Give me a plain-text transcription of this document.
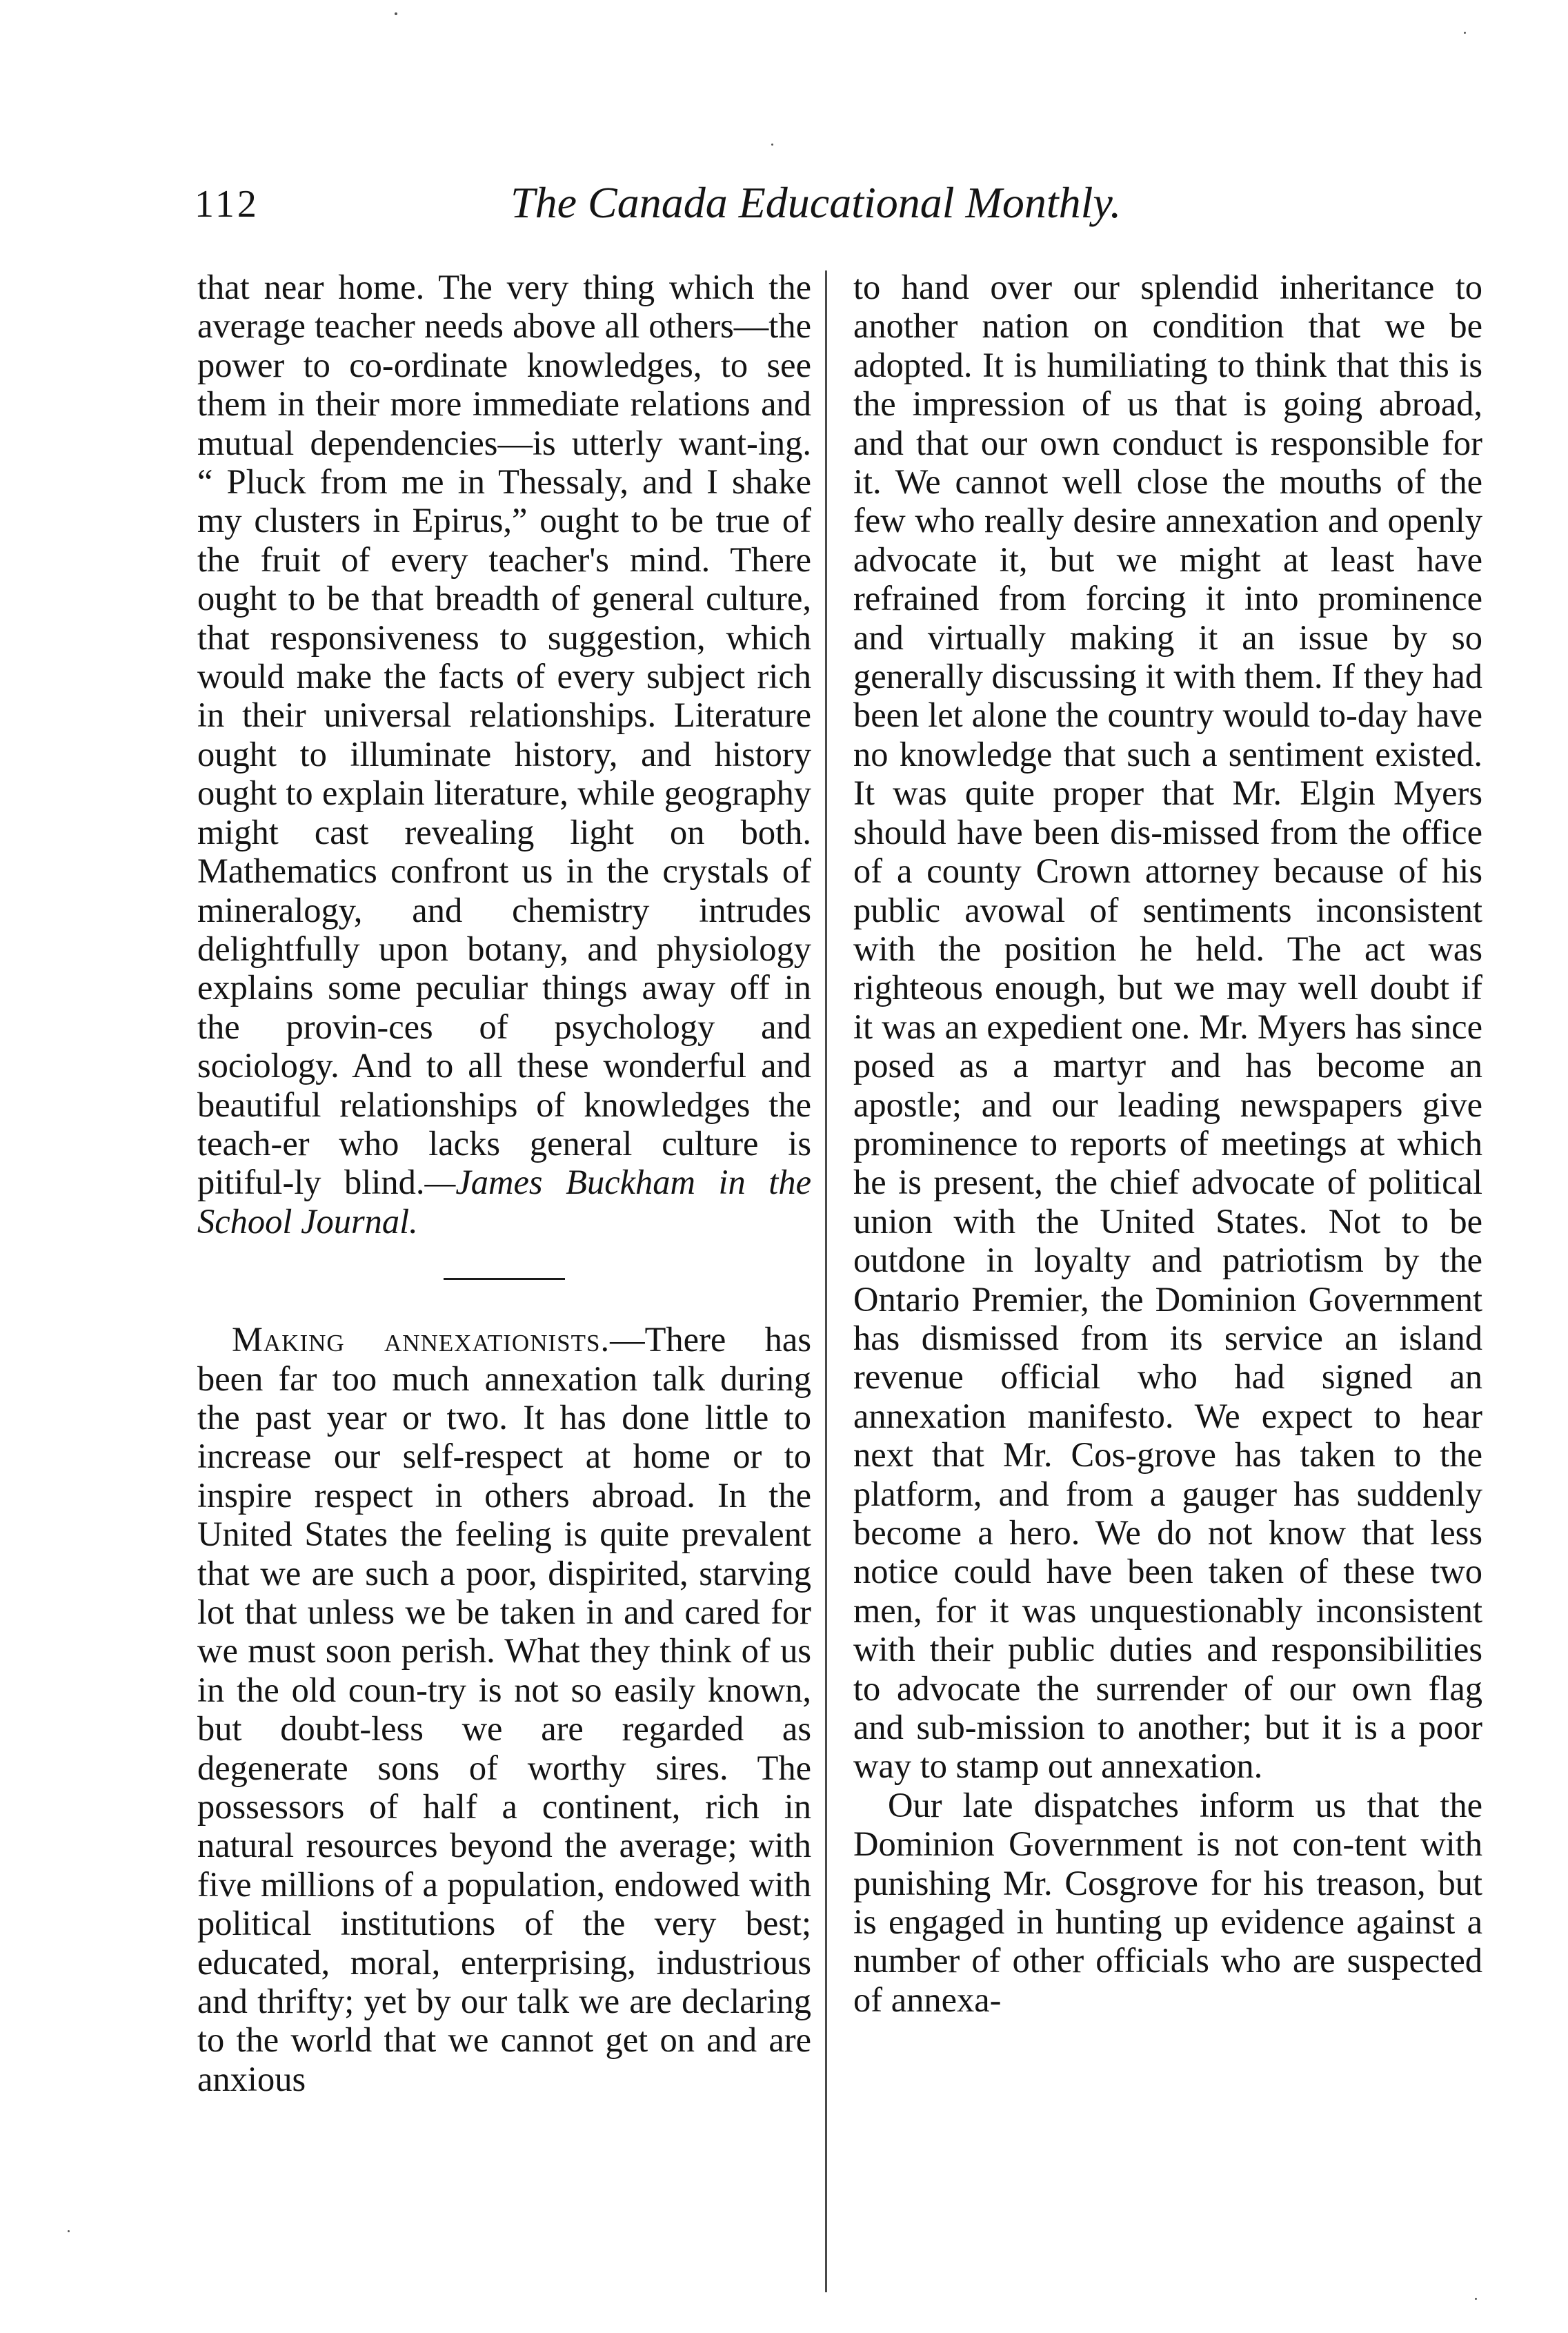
112	The Canada Educational Monthly.

that near home. The very thing which the average teacher needs above all others—the power to co-ordinate knowledges, to see them in their more immediate relations and mutual dependencies—is utterly want-ing. “ Pluck from me in Thessaly, and I shake my clusters in Epirus,” ought to be true of the fruit of every teacher's mind. There ought to be that breadth of general culture, that responsiveness to suggestion, which would make the facts of every subject rich in their universal relationships. Literature ought to illuminate history, and history ought to explain literature, while geography might cast revealing light on both. Mathematics confront us in the crystals of mineralogy, and chemistry intrudes delightfully upon botany, and physiology explains some peculiar things away off in the provin-ces of psychology and sociology. And to all these wonderful and beautiful relationships of knowledges the teach-er who lacks general culture is pitiful-ly blind.—James Buckham in the School Journal.

Making annexationists.—There has been far too much annexation talk during the past year or two. It has done little to increase our self-respect at home or to inspire respect in others abroad. In the United States the feeling is quite prevalent that we are such a poor, dispirited, starving lot that unless we be taken in and cared for we must soon perish. What they think of us in the old coun-try is not so easily known, but doubt-less we are regarded as degenerate sons of worthy sires. The possessors of half a continent, rich in natural resources beyond the average; with five millions of a population, endowed with political institutions of the very best; educated, moral, enterprising, industrious and thrifty; yet by our talk we are declaring to the world that we cannot get on and are anxious

to hand over our splendid inheritance to another nation on condition that we be adopted. It is humiliating to think that this is the impression of us that is going abroad, and that our own conduct is responsible for it. We cannot well close the mouths of the few who really desire annexation and openly advocate it, but we might at least have refrained from forcing it into prominence and virtually making it an issue by so generally discussing it with them. If they had been let alone the country would to-day have no knowledge that such a sentiment existed. It was quite proper that Mr. Elgin Myers should have been dis-missed from the office of a county Crown attorney because of his public avowal of sentiments inconsistent with the position he held. The act was righteous enough, but we may well doubt if it was an expedient one. Mr. Myers has since posed as a martyr and has become an apostle; and our leading newspapers give prominence to reports of meetings at which he is present, the chief advocate of political union with the United States. Not to be outdone in loyalty and patriotism by the Ontario Premier, the Dominion Government has dismissed from its service an island revenue official who had signed an annexation manifesto. We expect to hear next that Mr. Cos-grove has taken to the platform, and from a gauger has suddenly become a hero. We do not know that less notice could have been taken of these two men, for it was unquestionably inconsistent with their public duties and responsibilities to advocate the surrender of our own flag and sub-mission to another; but it is a poor way to stamp out annexation.

Our late dispatches inform us that the Dominion Government is not con-tent with punishing Mr. Cosgrove for his treason, but is engaged in hunting up evidence against a number of other officials who are suspected of annexa-
